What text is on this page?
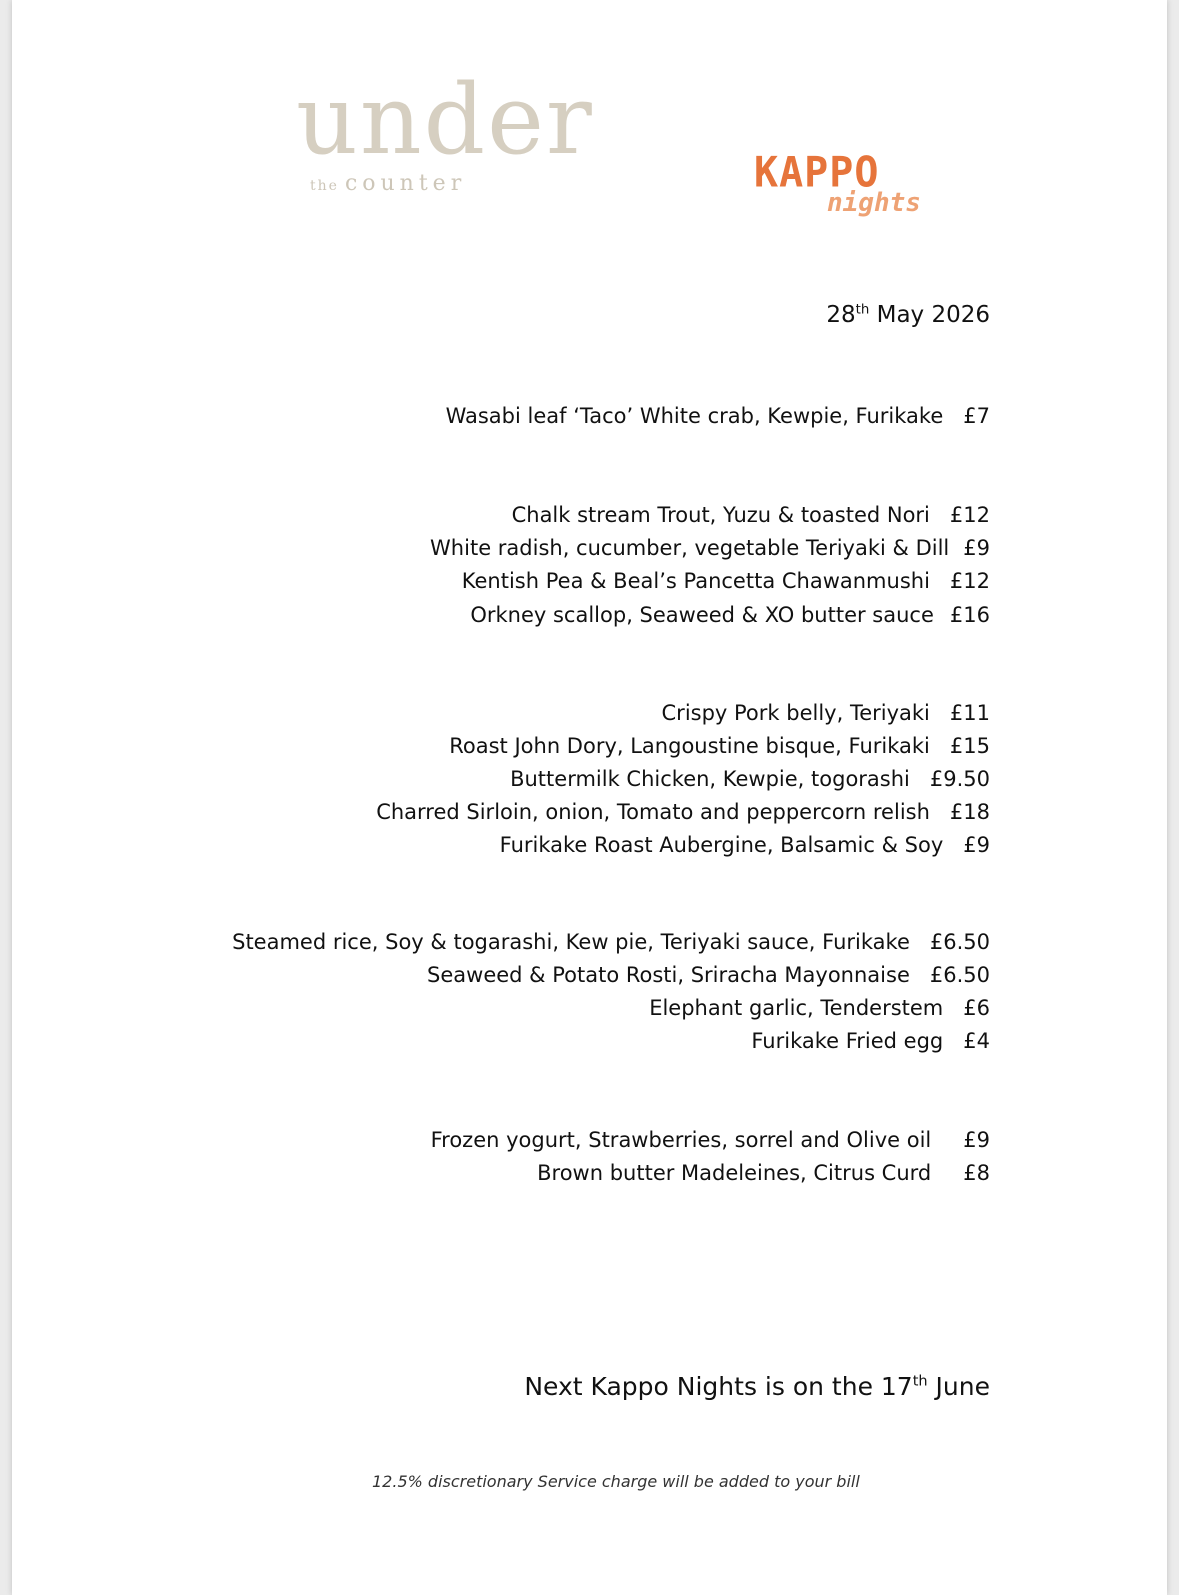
under
the counter	KAPPO
nights
28th May 2026
Wasabi leaf ‘Taco’ White crab, Kewpie, Furikake £7
Chalk stream Trout, Yuzu & toasted Nori £12
White radish, cucumber, vegetable Teriyaki & Dill £9
Kentish Pea & Beal’s Pancetta Chawanmushi £12
Orkney scallop, Seaweed & XO butter sauce £16
Crispy Pork belly, Teriyaki £11
Roast John Dory, Langoustine bisque, Furikaki £15
Buttermilk Chicken, Kewpie, togorashi £9.50
Charred Sirloin, onion, Tomato and peppercorn relish £18
Furikake Roast Aubergine, Balsamic & Soy £9
Steamed rice, Soy & togarashi, Kew pie, Teriyaki sauce, Furikake £6.50
Seaweed & Potato Rosti, Sriracha Mayonnaise £6.50
Elephant garlic, Tenderstem £6
Furikake Fried egg £4
Frozen yogurt, Strawberries, sorrel and Olive oil £9
Brown butter Madeleines, Citrus Curd £8
Next Kappo Nights is on the 17th June
12.5% discretionary Service charge will be added to your bill
